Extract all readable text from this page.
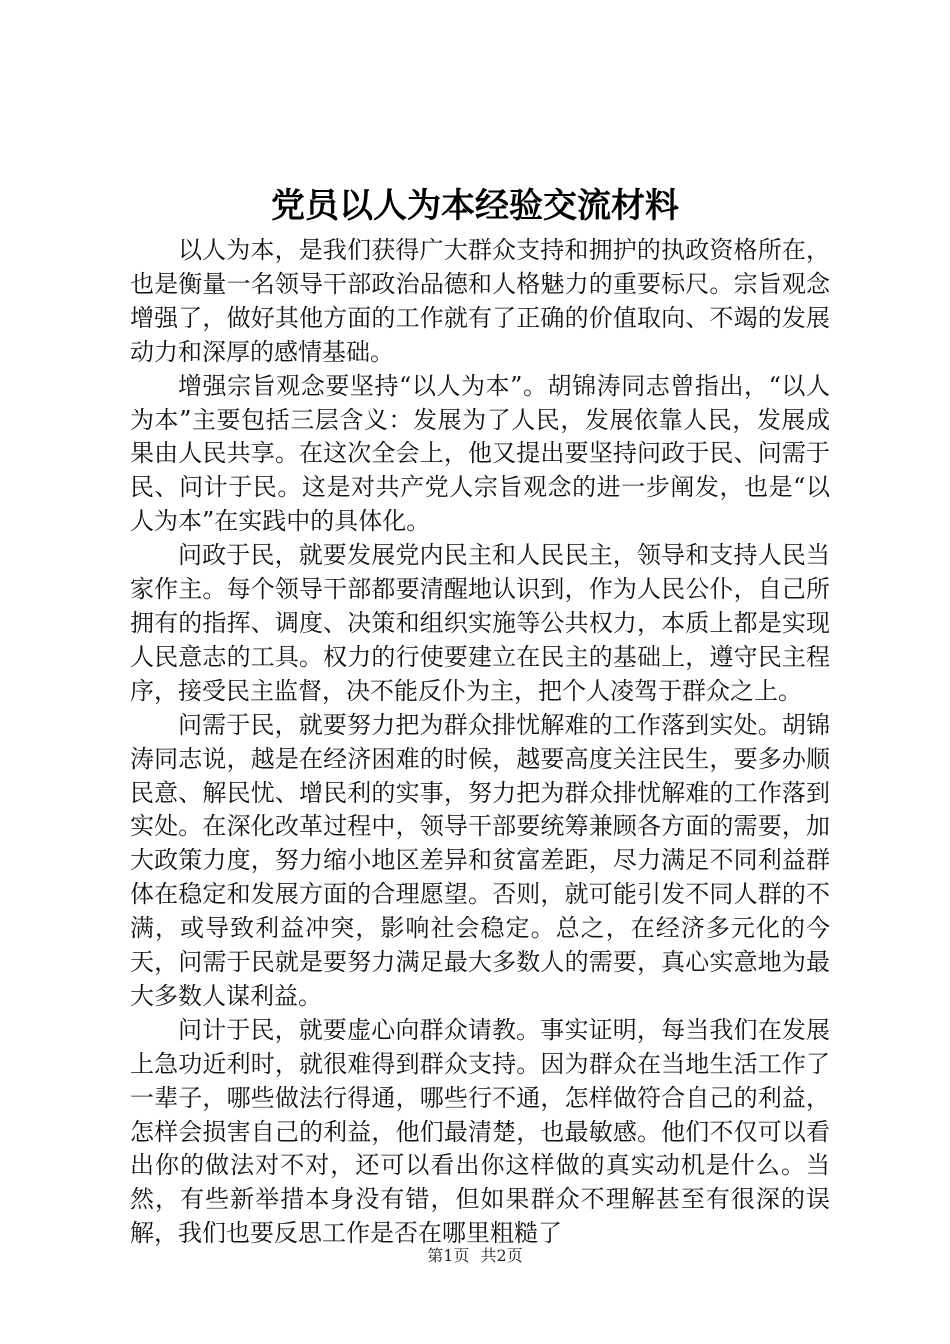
党员以人为本经验交流材料

以人为本，是我们获得广大群众支持和拥护的执政资格所在，也是衡量一名领导干部政治品德和人格魅力的重要标尺。宗旨观念增强了，做好其他方面的工作就有了正确的价值取向、不竭的发展动力和深厚的感情基础。

增强宗旨观念要坚持“以人为本”。胡锦涛同志曾指出，“以人为本”主要包括三层含义：发展为了人民，发展依靠人民，发展成果由人民共享。在这次全会上，他又提出要坚持问政于民、问需于民、问计于民。这是对共产党人宗旨观念的进一步阐发，也是“以人为本”在实践中的具体化。

问政于民，就要发展党内民主和人民民主，领导和支持人民当家作主。每个领导干部都要清醒地认识到，作为人民公仆，自己所拥有的指挥、调度、决策和组织实施等公共权力，本质上都是实现人民意志的工具。权力的行使要建立在民主的基础上，遵守民主程序，接受民主监督，决不能反仆为主，把个人凌驾于群众之上。

问需于民，就要努力把为群众排忧解难的工作落到实处。胡锦涛同志说，越是在经济困难的时候，越要高度关注民生，要多办顺民意、解民忧、增民利的实事，努力把为群众排忧解难的工作落到实处。在深化改革过程中，领导干部要统筹兼顾各方面的需要，加大政策力度，努力缩小地区差异和贫富差距，尽力满足不同利益群体在稳定和发展方面的合理愿望。否则，就可能引发不同人群的不满，或导致利益冲突，影响社会稳定。总之，在经济多元化的今天，问需于民就是要努力满足最大多数人的需要，真心实意地为最大多数人谋利益。

问计于民，就要虚心向群众请教。事实证明，每当我们在发展上急功近利时，就很难得到群众支持。因为群众在当地生活工作了一辈子，哪些做法行得通，哪些行不通，怎样做符合自己的利益，怎样会损害自己的利益，他们最清楚，也最敏感。他们不仅可以看出你的做法对不对，还可以看出你这样做的真实动机是什么。当然，有些新举措本身没有错，但如果群众不理解甚至有很深的误解，我们也要反思工作是否在哪里粗糙了

第1页 共2页
